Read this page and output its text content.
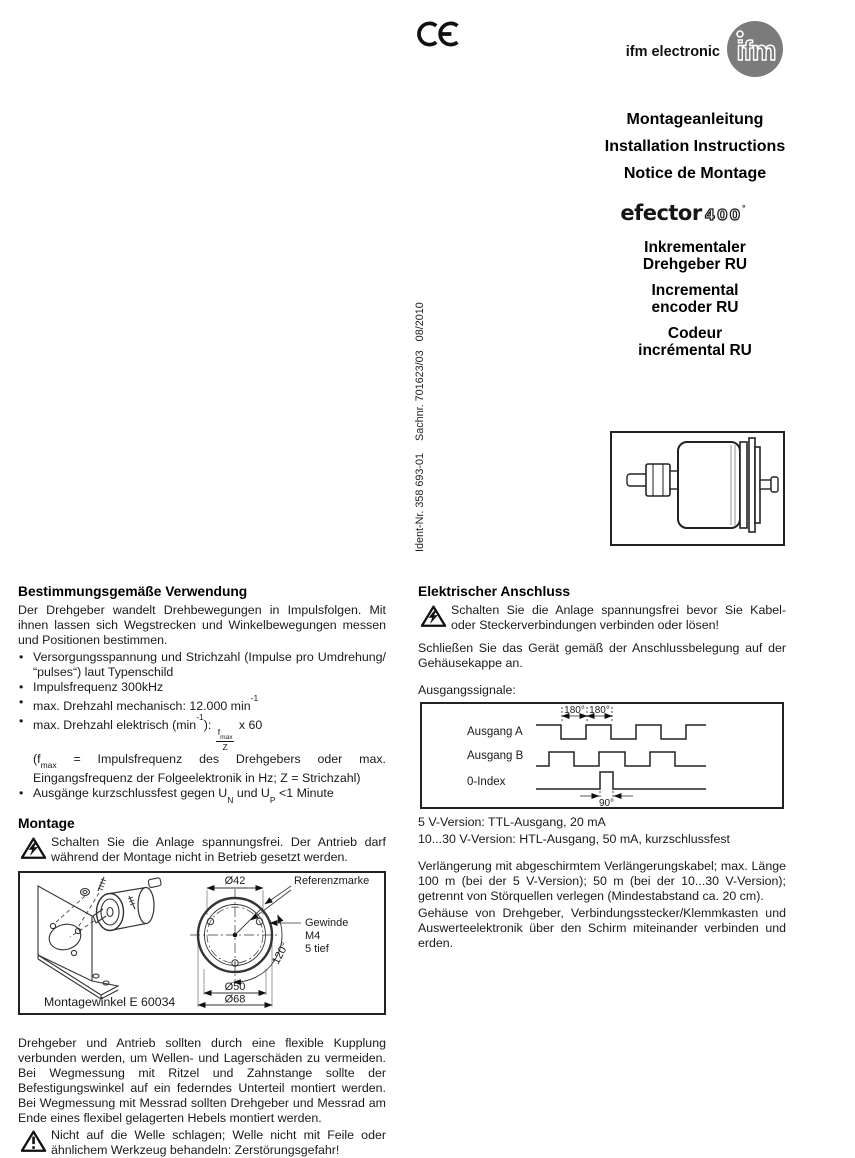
ifm electronic ifm
Montageanleitung
Installation Instructions
Notice de Montage
efector 400°
Inkrementaler
Drehgeber RU
Incremental
encoder RU
Codeur
incrémental RU
Ident-Nr. 358 693-01    Sachnr. 701623/03   08/2010
Bestimmungsgemäße Verwendung

Der Drehgeber wandelt Drehbewegungen in Impulsfolgen. Mit ihnen lassen sich Wegstrecken und Winkelbewegungen messen und Positionen bestimmen.

• Versorgungsspannung und Strichzahl (Impulse pro Umdrehung/ “pulses“) laut Typenschild
• Impulsfrequenz 300kHz
• max. Drehzahl mechanisch: 12.000 $\min^{-1}$
• max. Drehzahl elektrisch $(\min^{-1})$:
$\frac{f_{max}}{Z}$
x 60
($f_{max}$ = Impulsfrequenz des Drehgebers oder max. Eingangsfrequenz der Folgeelektronik in Hz; Z = Strichzahl)
• Ausgänge kurzschlussfest gegen $U_N$ und $U_P <1$ Minute
Montage
Schalten Sie die Anlage spannungsfrei. Der Antrieb darf während der Montage nicht in Betrieb gesetzt werden.
Montagewinkel E 60034
Ø42	Referenzmarke
Gewinde
M4
5 tief
120°
Ø50
Ø68

Drehgeber und Antrieb sollten durch eine flexible Kupplung verbunden werden, um Wellen- und Lagerschäden zu vermeiden. Bei Wegmessung mit Ritzel und Zahnstange sollte der Befestigungswinkel auf ein federndes Unterteil montiert werden. Bei Wegmessung mit Messrad sollten Drehgeber und Messrad am Ende eines flexibel gelagerten Hebels montiert werden.

Nicht auf die Welle schlagen; Welle nicht mit Feile oder ähnlichem Werkzeug behandeln: Zerstörungsgefahr!
Elektrischer Anschluss
Schalten Sie die Anlage spannungsfrei bevor Sie Kabel- oder Steckerverbindungen verbinden oder lösen!

Schließen Sie das Gerät gemäß der Anschlussbelegung auf der Gehäusekappe an.

Ausgangssignale:

Ausgang A
Ausgang B
0-Index
180° 180°
90°

5 V-Version: TTL-Ausgang, 20 mA

10...30 V-Version: HTL-Ausgang, 50 mA, kurzschlussfest

Verlängerung mit abgeschirmtem Verlängerungskabel; max. Länge 100 m (bei der 5 V-Version); 50 m (bei der 10...30 V-Version); getrennt von Störquellen verlegen (Mindestabstand ca. 20 cm).

Gehäuse von Drehgeber, Verbindungsstecker/Klemmkasten und Auswerteelektronik über den Schirm miteinander verbinden und erden.
